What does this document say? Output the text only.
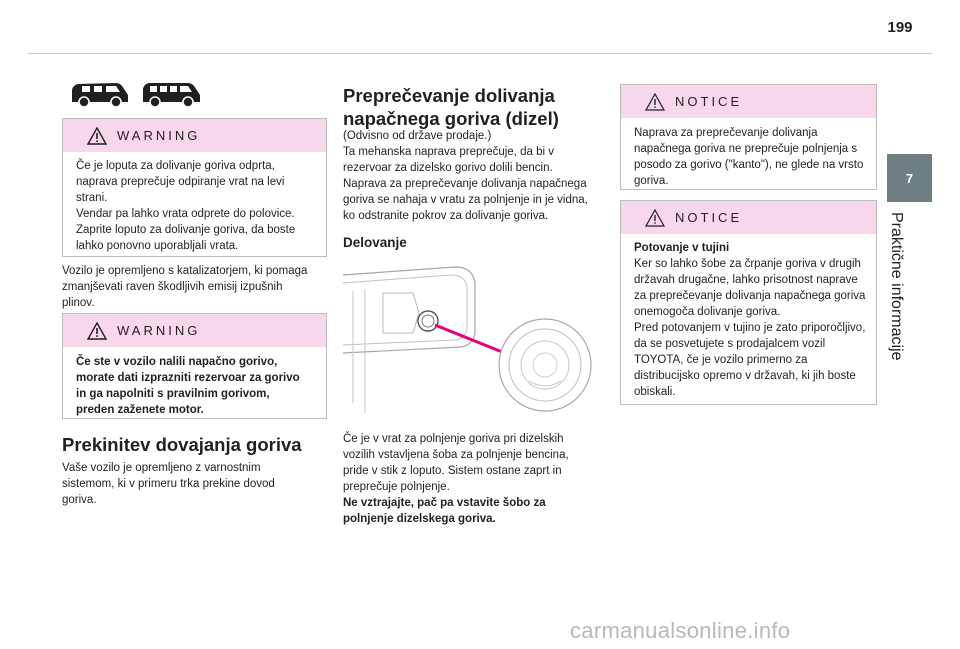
199
7
Praktične informacije
WARNING

Če je loputa za dolivanje goriva odprta,

naprava preprečuje odpiranje vrat na levi

strani.

Vendar pa lahko vrata odprete do polovice.

Zaprite loputo za dolivanje goriva, da boste

lahko ponovno uporabljali vrata.

Vozilo je opremljeno s katalizatorjem, ki pomaga

zmanjševati raven škodljivih emisij izpušnih

plinov.

WARNING

Če ste v vozilo nalili napačno gorivo,

morate dati izprazniti rezervoar za gorivo

in ga napolniti s pravilnim gorivom,

preden zaženete motor.

Prekinitev dovajanja goriva

Vaše vozilo je opremljeno z varnostnim

sistemom, ki v primeru trka prekine dovod

goriva.

Preprečevanje dolivanja
napačnega goriva (dizel)

(Odvisno od države prodaje.)

Ta mehanska naprava preprečuje, da bi v

rezervoar za dizelsko gorivo dolili bencin.

Naprava za preprečevanje dolivanja napačnega

goriva se nahaja v vratu za polnjenje in je vidna,

ko odstranite pokrov za dolivanje goriva.

Delovanje

Če je v vrat za polnjenje goriva pri dizelskih

vozilih vstavljena šoba za polnjenje bencina,

pride v stik z loputo. Sistem ostane zaprt in

preprečuje polnjenje.

Ne vztrajajte, pač pa vstavite šobo za

polnjenje dizelskega goriva.

NOTICE

Naprava za preprečevanje dolivanja

napačnega goriva ne preprečuje polnjenja s

posodo za gorivo ("kanto"), ne glede na vrsto

goriva.

NOTICE

Potovanje v tujini

Ker so lahko šobe za črpanje goriva v drugih

državah drugačne, lahko prisotnost naprave

za preprečevanje dolivanja napačnega goriva

onemogoča dolivanje goriva.

Pred potovanjem v tujino je zato priporočljivo,

da se posvetujete s prodajalcem vozil

TOYOTA, če je vozilo primerno za

distribucijsko opremo v državah, ki jih boste

obiskali.

carmanualsonline.info
